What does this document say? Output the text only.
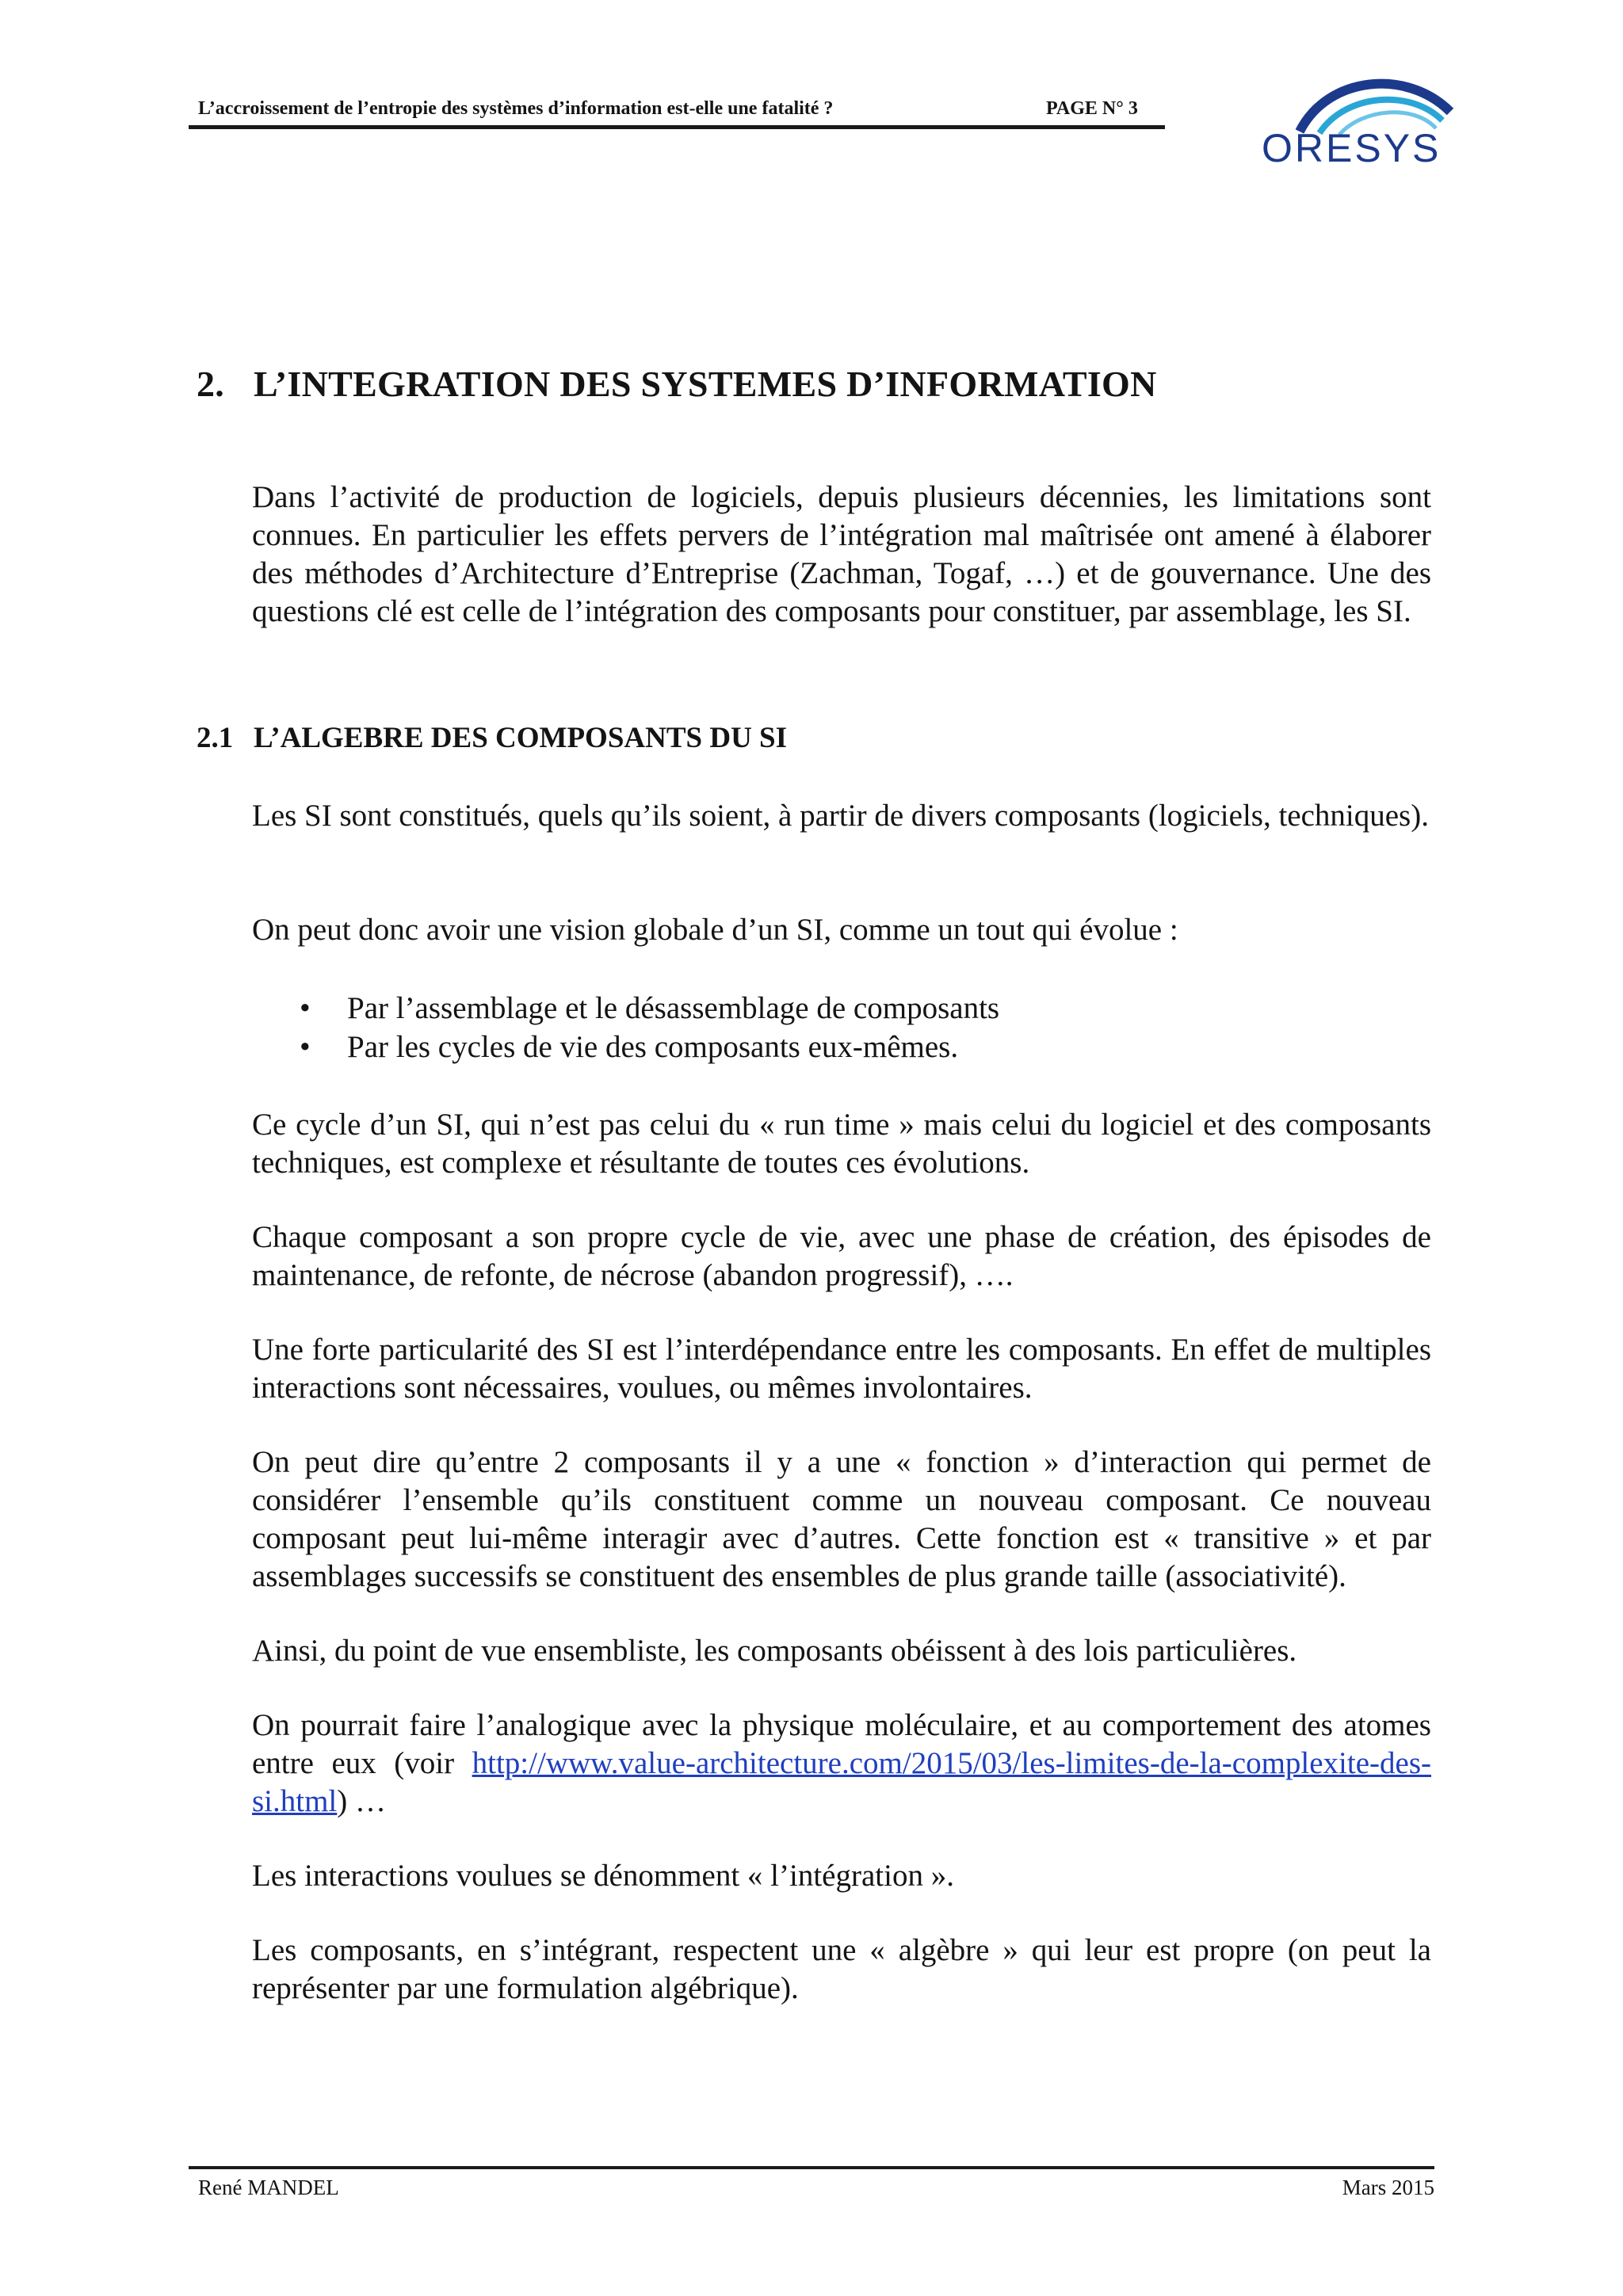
L’accroissement de l’entropie des systèmes d’information est-elle une fatalité ?	PAGE N° 3
ORESYS
2. L’INTEGRATION DES SYSTEMES D’INFORMATION
Dans l’activité de production de logiciels, depuis plusieurs décennies, les limitations sont connues. En particulier les effets pervers de l’intégration mal maîtrisée ont amené à élaborer des méthodes d’Architecture d’Entreprise (Zachman, Togaf, …) et de gouvernance. Une des questions clé est celle de l’intégration des composants pour constituer, par assemblage, les SI.
2.1 L’ALGEBRE DES COMPOSANTS DU SI
Les SI sont constitués, quels qu’ils soient, à partir de divers composants (logiciels, techniques).
On peut donc avoir une vision globale d’un SI, comme un tout qui évolue :
• Par l’assemblage et le désassemblage de composants
• Par les cycles de vie des composants eux-mêmes.
Ce cycle d’un SI, qui n’est pas celui du « run time » mais celui du logiciel et des composants techniques, est complexe et résultante de toutes ces évolutions.
Chaque composant a son propre cycle de vie, avec une phase de création, des épisodes de maintenance, de refonte, de nécrose (abandon progressif), ….
Une forte particularité des SI est l’interdépendance entre les composants. En effet de multiples interactions sont nécessaires, voulues, ou mêmes involontaires.
On peut dire qu’entre 2 composants il y a une « fonction » d’interaction qui permet de considérer l’ensemble qu’ils constituent comme un nouveau composant. Ce nouveau composant peut lui-même interagir avec d’autres. Cette fonction est « transitive » et par assemblages successifs se constituent des ensembles de plus grande taille (associativité).
Ainsi, du point de vue ensembliste, les composants obéissent à des lois particulières.
On pourrait faire l’analogique avec la physique moléculaire, et au comportement des atomes entre eux (voir http://www.value-architecture.com/2015/03/les-limites-de-la-complexite-des-si.html) …
Les interactions voulues se dénomment « l’intégration ».
Les composants, en s’intégrant, respectent une « algèbre » qui leur est propre (on peut la représenter par une formulation algébrique).
René MANDEL	Mars 2015
